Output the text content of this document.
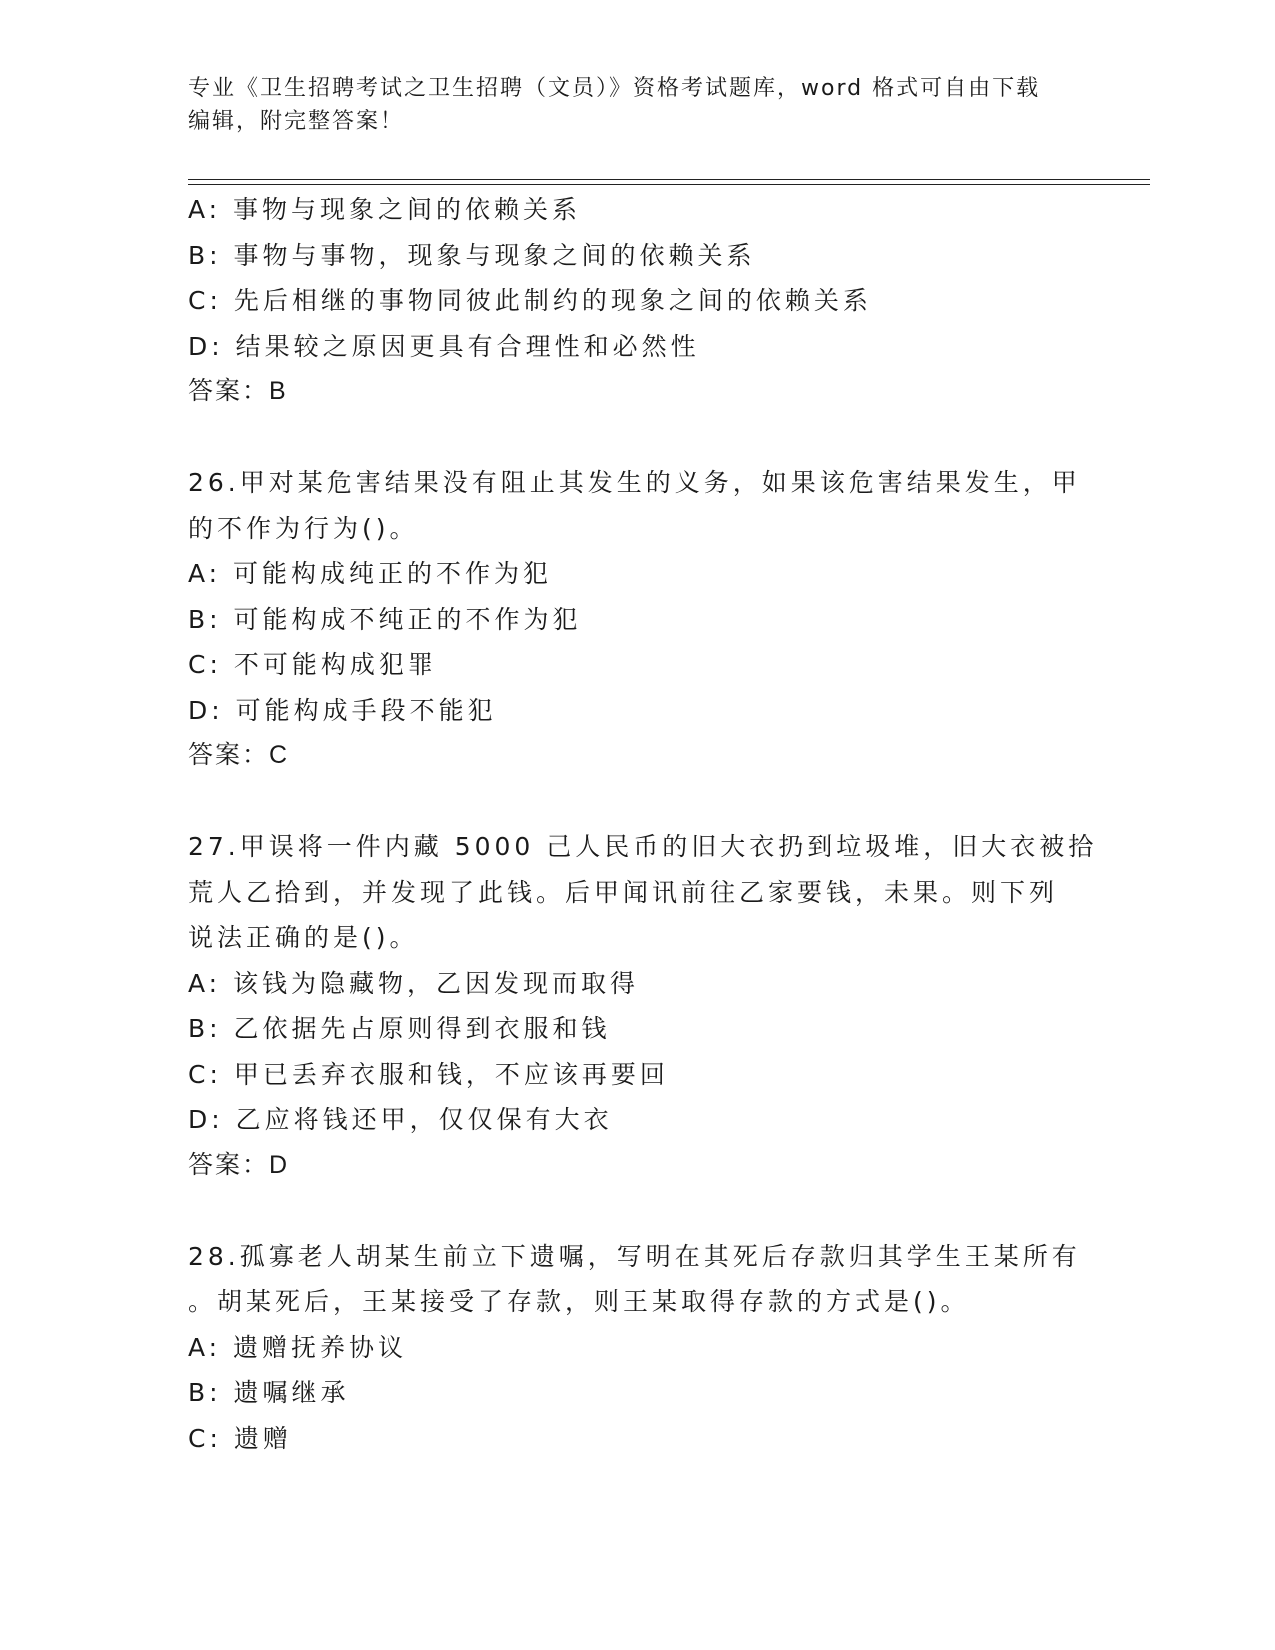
专业《卫生招聘考试之卫生招聘（文员）》资格考试题库，word 格式可自由下载
编辑，附完整答案！
A: 事物与现象之间的依赖关系
B: 事物与事物，现象与现象之间的依赖关系
C: 先后相继的事物同彼此制约的现象之间的依赖关系
D: 结果较之原因更具有合理性和必然性
答案：B
26.甲对某危害结果没有阻止其发生的义务，如果该危害结果发生，甲
的不作为行为()。
A: 可能构成纯正的不作为犯
B: 可能构成不纯正的不作为犯
C: 不可能构成犯罪
D: 可能构成手段不能犯
答案：C
27.甲误将一件内藏 5000 己人民币的旧大衣扔到垃圾堆，旧大衣被拾
荒人乙拾到，并发现了此钱。后甲闻讯前往乙家要钱，未果。则下列
说法正确的是()。
A: 该钱为隐藏物，乙因发现而取得
B: 乙依据先占原则得到衣服和钱
C: 甲已丢弃衣服和钱，不应该再要回
D: 乙应将钱还甲，仅仅保有大衣
答案：D
28.孤寡老人胡某生前立下遗嘱，写明在其死后存款归其学生王某所有
。胡某死后，王某接受了存款，则王某取得存款的方式是()。
A: 遗赠抚养协议
B: 遗嘱继承
C: 遗赠
